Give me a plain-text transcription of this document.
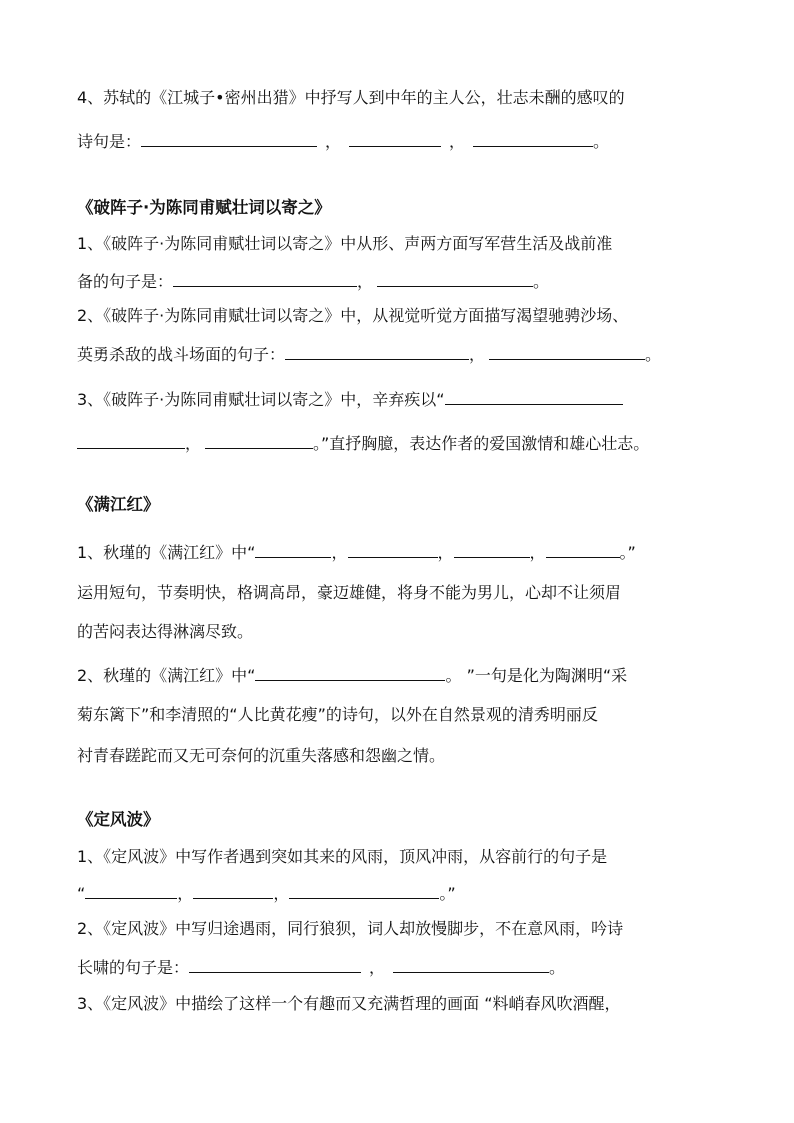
4、苏轼的《江城子•密州出猎》中抒写人到中年的主人公，壮志未酬的感叹的
诗句是：	，	，	。
《破阵子·为陈同甫赋壮词以寄之》
1、《破阵子·为陈同甫赋壮词以寄之》中从形、声两方面写军营生活及战前准
备的句子是：	，	。
2、《破阵子·为陈同甫赋壮词以寄之》中，从视觉听觉方面描写渴望驰骋沙场、
英勇杀敌的战斗场面的句子：	，	。
3、《破阵子·为陈同甫赋壮词以寄之》中，辛弃疾以“
，	。”直抒胸臆，表达作者的爱国激情和雄心壮志。
《满江红》
1、秋瑾的《满江红》中“	，	，	，	。”
运用短句，节奏明快，格调高昂，豪迈雄健，将身不能为男儿，心却不让须眉
的苦闷表达得淋漓尽致。
2、秋瑾的《满江红》中“	。 ”一句是化为陶渊明“采
菊东篱下”和李清照的“人比黄花瘦”的诗句，以外在自然景观的清秀明丽反
衬青春蹉跎而又无可奈何的沉重失落感和怨幽之情。
《定风波》
1、《定风波》中写作者遇到突如其来的风雨，顶风冲雨，从容前行的句子是
“	，	，	。”
2、《定风波》中写归途遇雨，同行狼狈，词人却放慢脚步，不在意风雨，吟诗
长啸的句子是：	，	。
3、《定风波》中描绘了这样一个有趣而又充满哲理的画面 “料峭春风吹酒醒，
